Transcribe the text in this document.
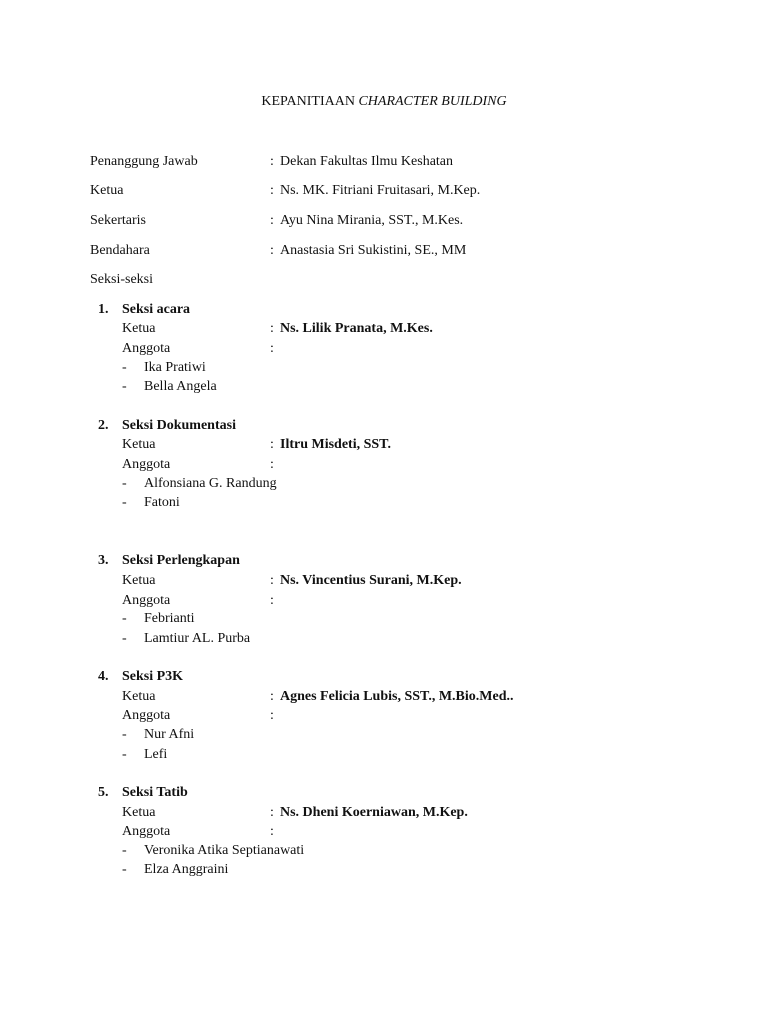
KEPANITIAAN CHARACTER BUILDING
Penanggung Jawab	: Dekan Fakultas Ilmu Keshatan
Ketua	: Ns. MK. Fitriani Fruitasari, M.Kep.
Sekertaris	: Ayu Nina Mirania, SST., M.Kes.
Bendahara	: Anastasia Sri Sukistini, SE., MM
Seksi-seksi
1. Seksi acara
Ketua	: Ns. Lilik Pranata, M.Kes.
Anggota	:
- Ika Pratiwi
- Bella Angela
2. Seksi Dokumentasi
Ketua	: Iltru Misdeti, SST.
Anggota	:
- Alfonsiana G. Randung
- Fatoni
3. Seksi Perlengkapan
Ketua	: Ns. Vincentius Surani, M.Kep.
Anggota	:
- Febrianti
- Lamtiur AL. Purba
4. Seksi P3K
Ketua	: Agnes Felicia Lubis, SST., M.Bio.Med..
Anggota	:
- Nur Afni
- Lefi
5. Seksi Tatib
Ketua	: Ns. Dheni Koerniawan, M.Kep.
Anggota	:
- Veronika Atika Septianawati
- Elza Anggraini
